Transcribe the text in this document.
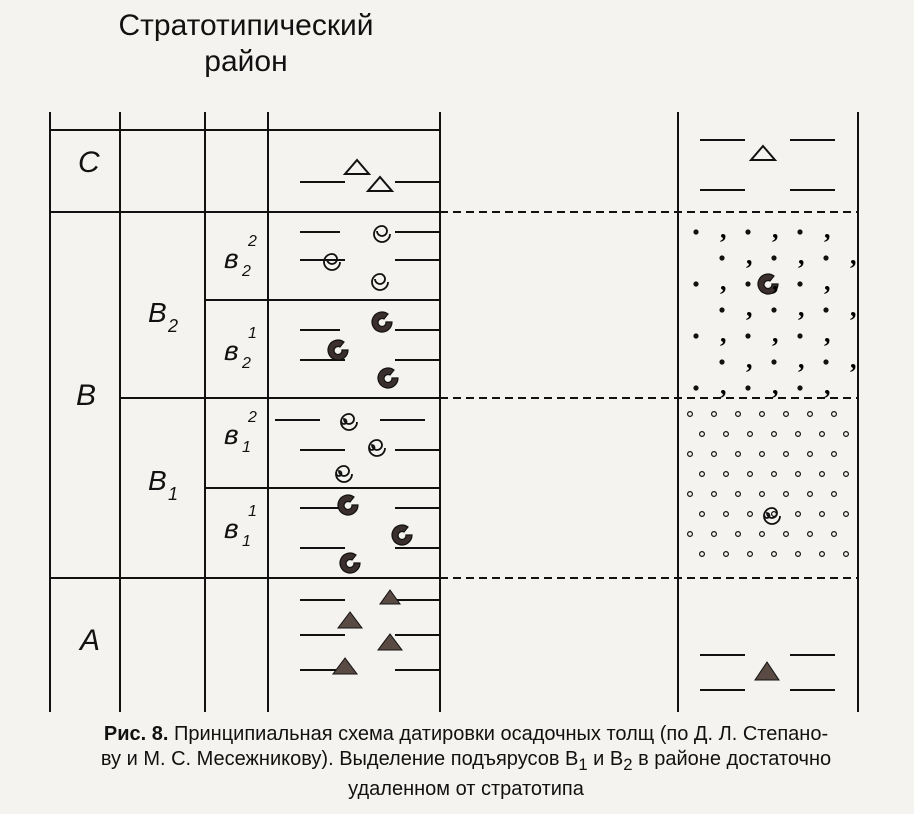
Стратотипический район
, , ,
, , ,
, , ,
, , ,
, , ,
, , ,
, , ,
C
B
A
B 2
B 1
в 2
2
в 2
1
в 1
2
в 1
1
Рис. 8. Принципиальная схема датировки осадочных толщ (по Д. Л. Степано-
ву и М. С. Месежникову). Выделение подъярусов $B_1$ и $B_2$ в районе достаточно
удаленном от стратотипа
